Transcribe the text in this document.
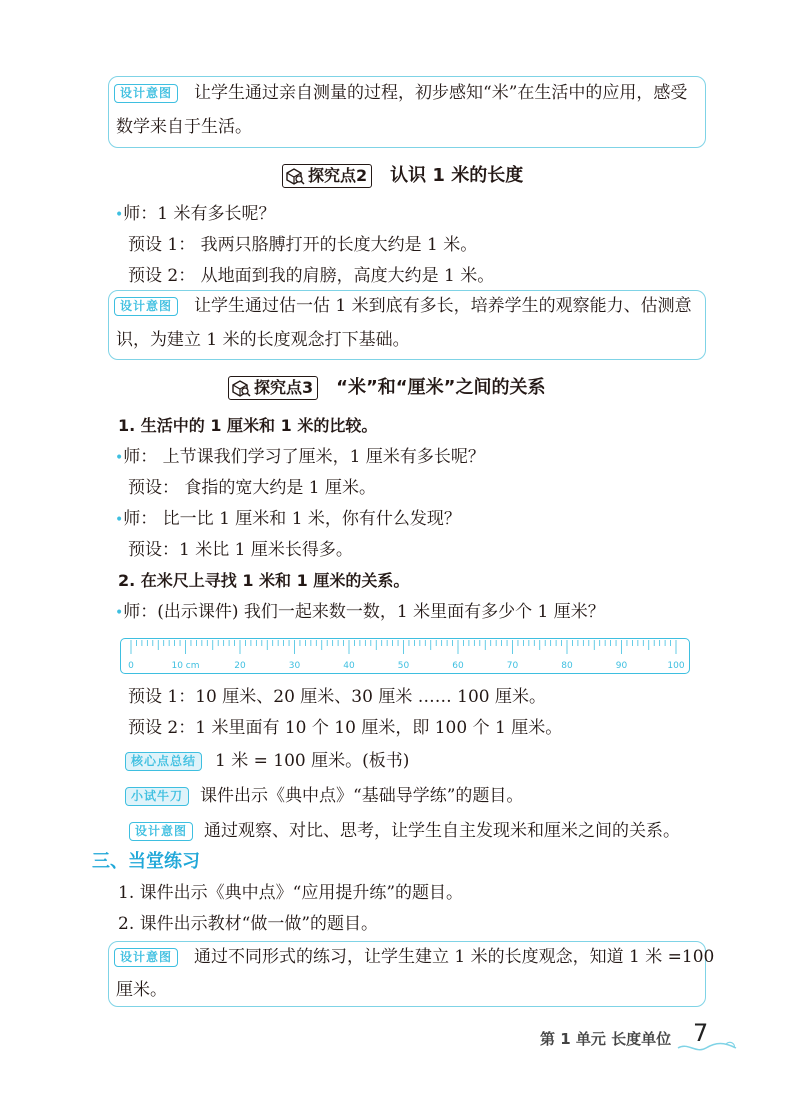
设计意图	让学生通过亲自测量的过程，初步感知“米”在生活中的应用，感受
数学来自于生活。
探究点2 认识 1 米的长度
•师：1 米有多长呢？
预设 1： 我两只胳膊打开的长度大约是 1 米。
预设 2： 从地面到我的肩膀，高度大约是 1 米。
设计意图	让学生通过估一估 1 米到底有多长，培养学生的观察能力、估测意
识，为建立 1 米的长度观念打下基础。
探究点3 “米”和“厘米”之间的关系
1. 生活中的 1 厘米和 1 米的比较。
•师： 上节课我们学习了厘米，1 厘米有多长呢？
预设： 食指的宽大约是 1 厘米。
•师： 比一比 1 厘米和 1 米，你有什么发现？
预设：1 米比 1 厘米长得多。
2. 在米尺上寻找 1 米和 1 厘米的关系。
•师：(出示课件) 我们一起来数一数，1 米里面有多少个 1 厘米？
0	10 cm	20	30	40	50	60	70	80	90	100
预设 1：10 厘米、20 厘米、30 厘米 …… 100 厘米。
预设 2：1 米里面有 10 个 10 厘米，即 100 个 1 厘米。
核心点总结	1 米 = 100 厘米。(板书)
小试牛刀 课件出示《典中点》“基础导学练”的题目。
设计意图 通过观察、对比、思考，让学生自主发现米和厘米之间的关系。
三、当堂练习
1. 课件出示《典中点》“应用提升练”的题目。
2. 课件出示教材“做一做”的题目。
设计意图	通过不同形式的练习，让学生建立 1 米的长度观念，知道 1 米 =100
厘米。
第 1 单元 长度单位 7
